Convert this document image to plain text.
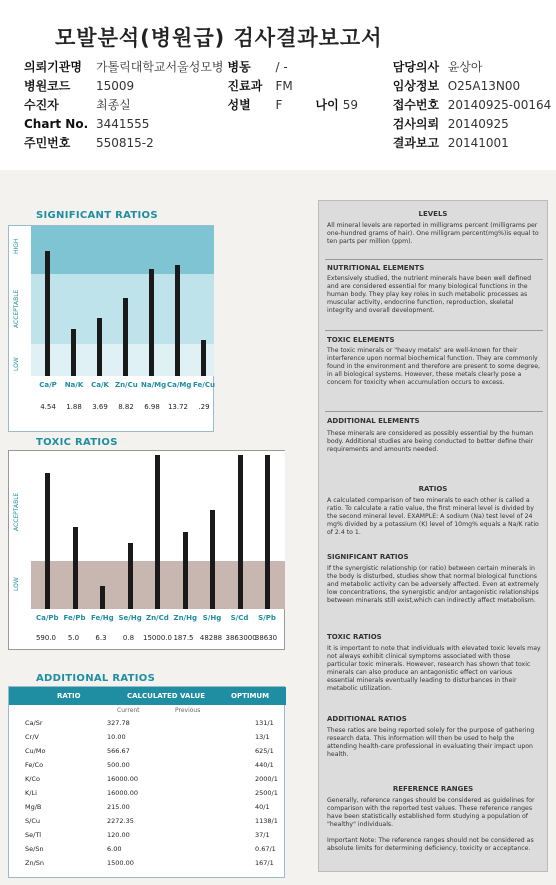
모발분석(병원급) 검사결과보고서
의뢰기관명	가톨릭대학교서울성모병	병동	/ -			담당의사	윤상아
병원코드	15009	진료과	FM			임상정보	O25A13N00
수진자	최종실	성별	F	나이	59	접수번호	20140925-00164
Chart No.	3441555					검사의뢰	20140925
주민번호	550815-2					결과보고	20141001
SIGNIFICANT RATIOS
HIGH
ACCEPTABLE
LOW
Ca/P
4.54
Na/K
1.88
Ca/K
3.69
Zn/Cu
8.82
Na/Mg
6.98
Ca/Mg
13.72
Fe/Cu
.29
TOXIC RATIOS
ACCEPTABLE
LOW
Ca/Pb
590.0
Fe/Pb
5.0
Fe/Hg
6.3
Se/Hg
0.8
Zn/Cd
15000.0
Zn/Hg
187.5
S/Hg
48288
S/Cd
3863000
S/Pb
38630
ADDITIONAL RATIOS
RATIO	CALCULATED VALUE	OPTIMUM
Current	Previous
Ca/Sr	327.78	131/1
Cr/V	10.00	13/1
Cu/Mo	566.67	625/1
Fe/Co	500.00	440/1
K/Co	16000.00	2000/1
K/Li	16000.00	2500/1
Mg/B	215.00	40/1
S/Cu	2272.35	1138/1
Se/Tl	120.00	37/1
Se/Sn	6.00	0.67/1
Zn/Sn	1500.00	167/1
LEVELS
All mineral levels are reported in milligrams percent (milligrams per one-hundred grams of hair). One milligram percent(mg%)is equal to ten parts per million (ppm).
NUTRITIONAL ELEMENTS
Extensively studied, the nutrient minerals have been well defined and are considered essential for many biological functions in the human body. They play key roles in such metabolic processes as muscular activity, endocrine function, reproduction, skeletal integrity and overall development.
TOXIC ELEMENTS
The toxic minerals or "heavy metals" are well-known for their interference upon normal biochemical function. They are commonly found in the environment and therefore are present to some degree, in all biological systems. However, these metals clearly pose a concern for toxicity when accumulation occurs to excess.
ADDITIONAL ELEMENTS
These minerals are considered as possibly essential by the human body. Additional studies are being conducted to better define their requirements and amounts needed.
RATIOS
A calculated comparison of two minerals to each other is called a ratio. To calculate a ratio value, the first mineral level is divided by the second mineral level. EXAMPLE: A sodium (Na) test level of 24 mg% divided by a potassium (K) level of 10mg% equals a Na/K ratio of 2.4 to 1.
SIGNIFICANT RATIOS
If the synergistic relationship (or ratio) between certain minerals in the body is disturbed, studies show that normal biological functions and metabolic activity can be adversely affected. Even at extremely low concentrations, the synergistic and/or antagonistic relationships between minerals still exist,which can indirectly affect metabolism.
TOXIC RATIOS
It is important to note that individuals with elevated toxic levels may not always exhibit clinical symptoms associated with those particular toxic minerals. However, research has shown that toxic minerals can also produce an antagonistic effect on various essential minerals eventually leading to disturbances in their metabolic utilization.
ADDITIONAL RATIOS
These ratios are being reported solely for the purpose of gathering research data. This information will then be used to help the attending health-care professional in evaluating their impact upon health.
REFERENCE RANGES
Generally, reference ranges should be considered as guidelines for comparison with the reported test values. These reference ranges have been statistically established form studying a population of "healthy" individuals.
Important Note: The reference ranges should not be considered as absolute limits for determining deficiency, toxicity or acceptance.
